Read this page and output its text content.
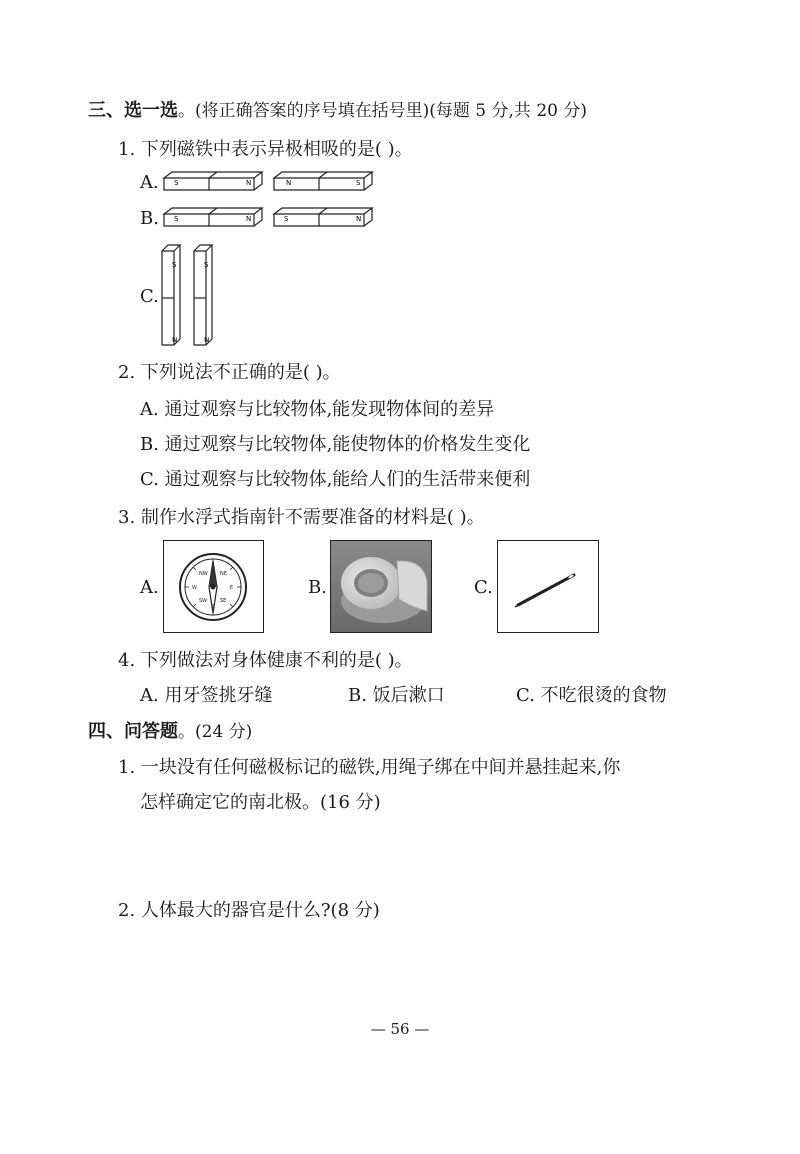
三、选一选。(将正确答案的序号填在括号里)(每题 5 分,共 20 分)
1. 下列磁铁中表示异极相吸的是( )。
A. S	N	N	S
B. S	N	S	N
C.
S
N
S
N
2. 下列说法不正确的是( )。
A. 通过观察与比较物体,能发现物体间的差异
B. 通过观察与比较物体,能使物体的价格发生变化
C. 通过观察与比较物体,能给人们的生活带来便利
3. 制作水浮式指南针不需要准备的材料是( )。
A.
N
S
W	E
NE
NW
SE
SW
B.	C.
4. 下列做法对身体健康不利的是( )。
A. 用牙签挑牙缝	B. 饭后漱口	C. 不吃很烫的食物
四、问答题。(24 分)
1. 一块没有任何磁极标记的磁铁,用绳子绑在中间并悬挂起来,你
怎样确定它的南北极。(16 分)
2. 人体最大的器官是什么?(8 分)
— 56 —
